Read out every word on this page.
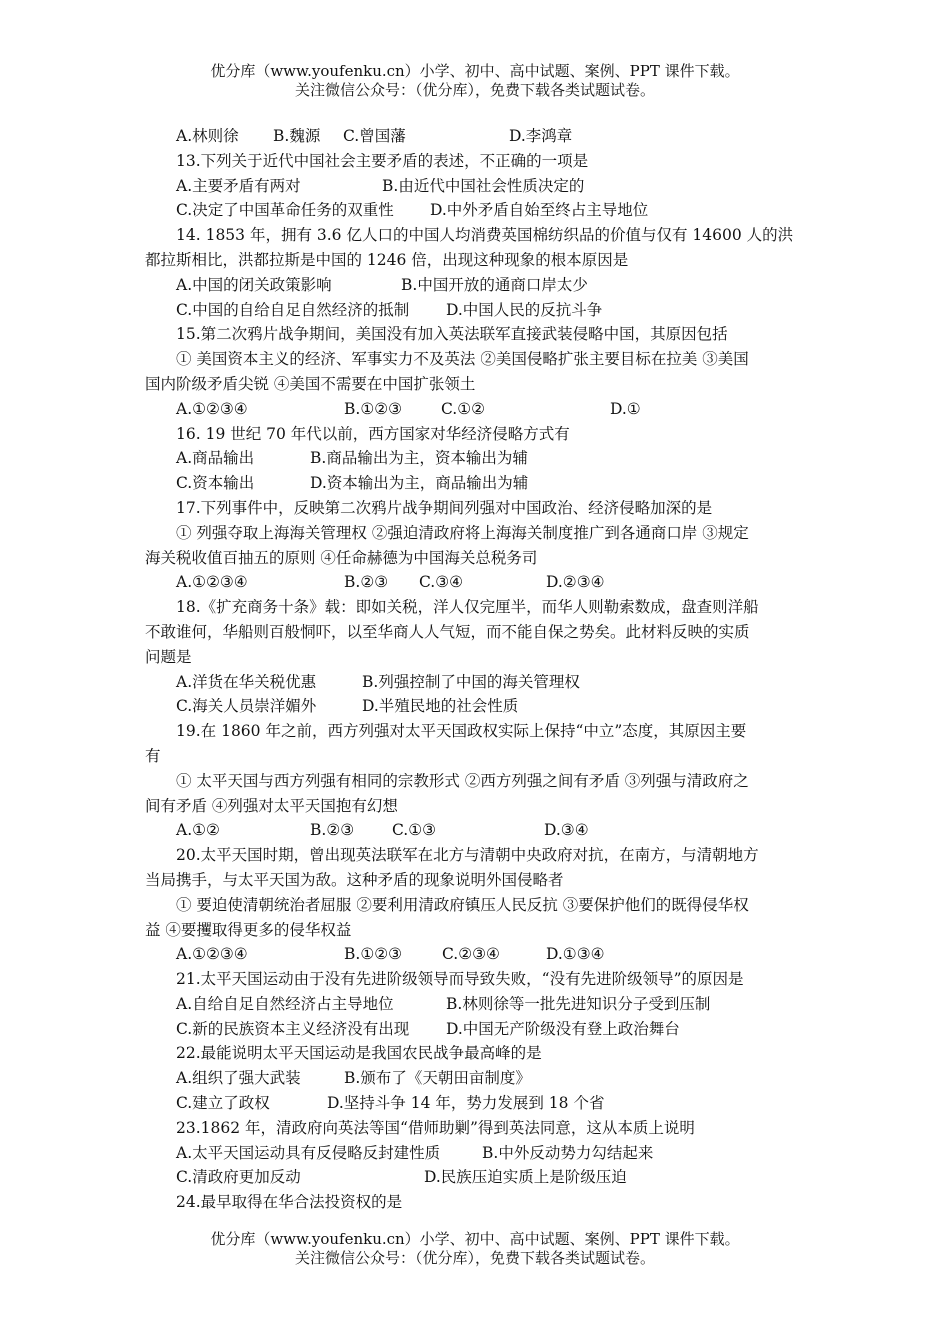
优分库（www.youfenku.cn）小学、初中、高中试题、案例、PPT 课件下载。
关注微信公众号：（优分库），免费下载各类试题试卷。
A.林则徐 B.魏源 C.曾国藩	D.李鸿章
13.下列关于近代中国社会主要矛盾的表述，不正确的一项是
A.主要矛盾有两对	B.由近代中国社会性质决定的
C.决定了中国革命任务的双重性 D.中外矛盾自始至终占主导地位
14. 1853 年，拥有 3.6 亿人口的中国人均消费英国棉纺织品的价值与仅有 14600 人的洪
都拉斯相比，洪都拉斯是中国的 1246 倍，出现这种现象的根本原因是
A.中国的闭关政策影响	B.中国开放的通商口岸太少
C.中国的自给自足自然经济的抵制 D.中国人民的反抗斗争
15.第二次鸦片战争期间，美国没有加入英法联军直接武装侵略中国，其原因包括
① 美国资本主义的经济、军事实力不及英法 ②美国侵略扩张主要目标在拉美 ③美国
国内阶级矛盾尖锐 ④美国不需要在中国扩张领土
A.①②③④	B.①②③	C.①②	D.①
16. 19 世纪 70 年代以前，西方国家对华经济侵略方式有
A.商品输出	B.商品输出为主，资本输出为辅
C.资本输出	D.资本输出为主，商品输出为辅
17.下列事件中，反映第二次鸦片战争期间列强对中国政治、经济侵略加深的是
① 列强夺取上海海关管理权 ②强迫清政府将上海海关制度推广到各通商口岸 ③规定
海关税收值百抽五的原则 ④任命赫德为中国海关总税务司
A.①②③④	B.②③ C.③④	D.②③④
18.《扩充商务十条》载：即如关税，洋人仅完厘半，而华人则勒索数成，盘查则洋船
不敢谁何，华船则百般恫吓，以至华商人人气短，而不能自保之势矣。此材料反映的实质
问题是
A.洋货在华关税优惠	B.列强控制了中国的海关管理权
C.海关人员崇洋媚外	D.半殖民地的社会性质
19.在 1860 年之前，西方列强对太平天国政权实际上保持“中立”态度，其原因主要
有
① 太平天国与西方列强有相同的宗教形式 ②西方列强之间有矛盾 ③列强与清政府之
间有矛盾 ④列强对太平天国抱有幻想
A.①②	B.②③ C.①③	D.③④
20.太平天国时期，曾出现英法联军在北方与清朝中央政府对抗，在南方，与清朝地方
当局携手，与太平天国为敌。这种矛盾的现象说明外国侵略者
① 要迫使清朝统治者屈服 ②要利用清政府镇压人民反抗 ③要保护他们的既得侵华权
益 ④要攫取得更多的侵华权益
A.①②③④	B.①②③	C.②③④	D.①③④
21.太平天国运动由于没有先进阶级领导而导致失败，“没有先进阶级领导”的原因是
A.自给自足自然经济占主导地位	B.林则徐等一批先进知识分子受到压制
C.新的民族资本主义经济没有出现 D.中国无产阶级没有登上政治舞台
22.最能说明太平天国运动是我国农民战争最高峰的是
A.组织了强大武装	B.颁布了《天朝田亩制度》
C.建立了政权	D.坚持斗争 14 年，势力发展到 18 个省
23.1862 年，清政府向英法等国“借师助剿”得到英法同意，这从本质上说明
A.太平天国运动具有反侵略反封建性质	B.中外反动势力勾结起来
C.清政府更加反动	D.民族压迫实质上是阶级压迫
24.最早取得在华合法投资权的是
优分库（www.youfenku.cn）小学、初中、高中试题、案例、PPT 课件下载。
关注微信公众号：（优分库），免费下载各类试题试卷。
